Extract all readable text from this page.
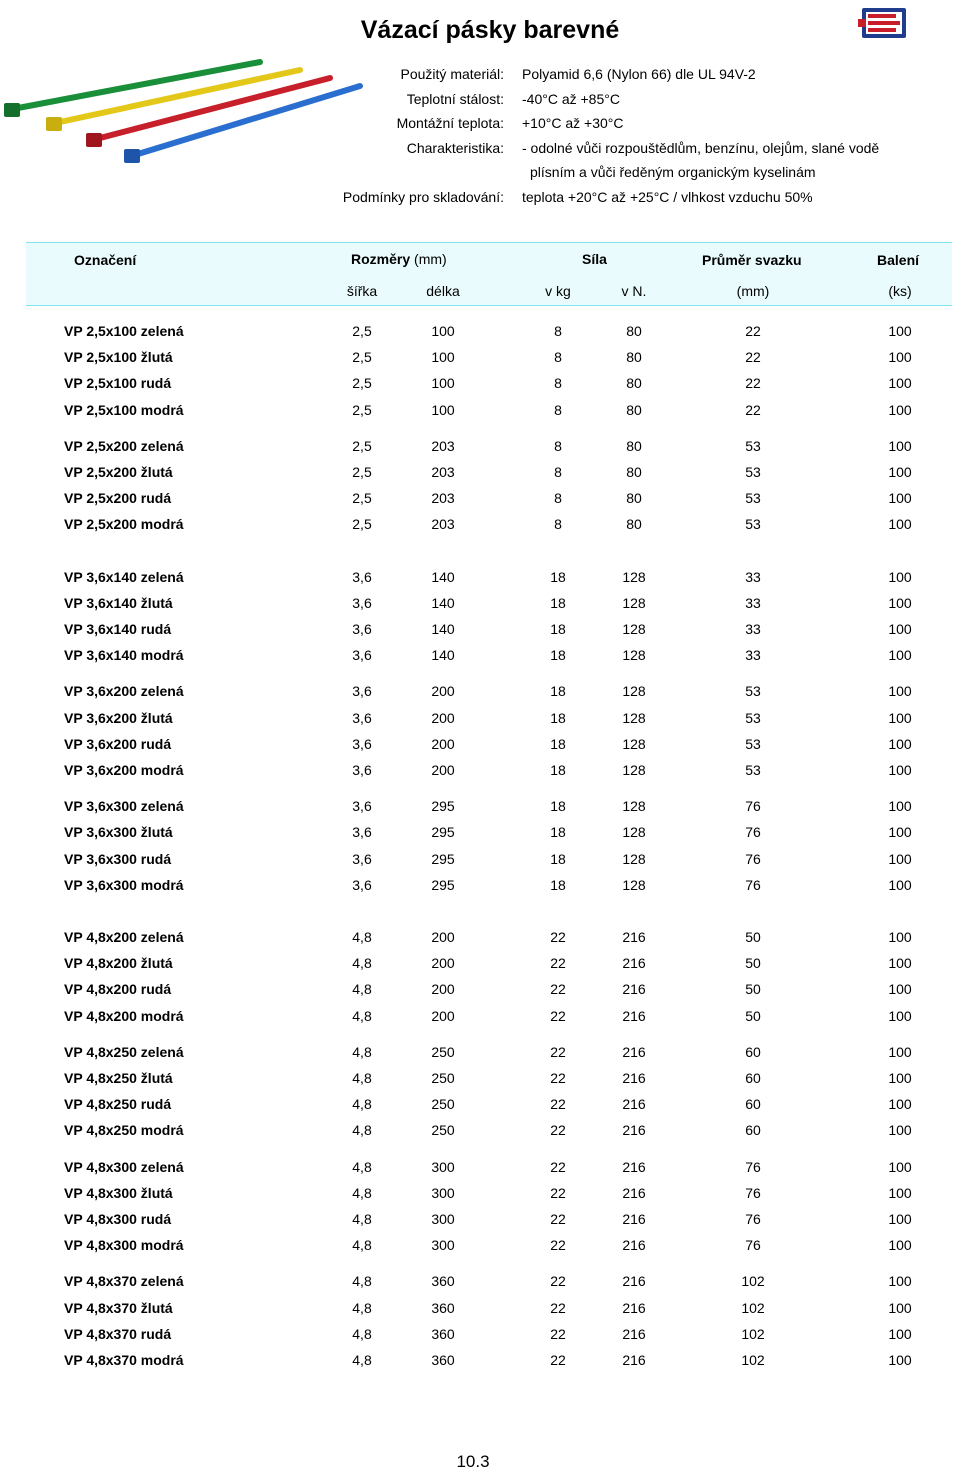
Vázací pásky barevné
Použitý materiál: Polyamid 6,6 (Nylon 66) dle UL 94V-2
Teplotní stálost: -40°C až +85°C
Montážní teplota: +10°C až +30°C
Charakteristika: - odolné vůči rozpouštědlům, benzínu, olejům, slané vodě
plísním a vůči ředěným organickým kyselinám
Podmínky pro skladování: teplota +20°C až +25°C / vlhkost vzduchu 50%
Označení	Rozměry (mm)	Síla	Průměr svazku	Balení
šířka	délka	v kg	v N.	(mm)	(ks)
VP 2,5x100 zelená	2,5	100	8	80	22	100
VP 2,5x100 žlutá	2,5	100	8	80	22	100
VP 2,5x100 rudá	2,5	100	8	80	22	100
VP 2,5x100 modrá	2,5	100	8	80	22	100
VP 2,5x200 zelená	2,5	203	8	80	53	100
VP 2,5x200 žlutá	2,5	203	8	80	53	100
VP 2,5x200 rudá	2,5	203	8	80	53	100
VP 2,5x200 modrá	2,5	203	8	80	53	100
VP 3,6x140 zelená	3,6	140	18	128	33	100
VP 3,6x140 žlutá	3,6	140	18	128	33	100
VP 3,6x140 rudá	3,6	140	18	128	33	100
VP 3,6x140 modrá	3,6	140	18	128	33	100
VP 3,6x200 zelená	3,6	200	18	128	53	100
VP 3,6x200 žlutá	3,6	200	18	128	53	100
VP 3,6x200 rudá	3,6	200	18	128	53	100
VP 3,6x200 modrá	3,6	200	18	128	53	100
VP 3,6x300 zelená	3,6	295	18	128	76	100
VP 3,6x300 žlutá	3,6	295	18	128	76	100
VP 3,6x300 rudá	3,6	295	18	128	76	100
VP 3,6x300 modrá	3,6	295	18	128	76	100
VP 4,8x200 zelená	4,8	200	22	216	50	100
VP 4,8x200 žlutá	4,8	200	22	216	50	100
VP 4,8x200 rudá	4,8	200	22	216	50	100
VP 4,8x200 modrá	4,8	200	22	216	50	100
VP 4,8x250 zelená	4,8	250	22	216	60	100
VP 4,8x250 žlutá	4,8	250	22	216	60	100
VP 4,8x250 rudá	4,8	250	22	216	60	100
VP 4,8x250 modrá	4,8	250	22	216	60	100
VP 4,8x300 zelená	4,8	300	22	216	76	100
VP 4,8x300 žlutá	4,8	300	22	216	76	100
VP 4,8x300 rudá	4,8	300	22	216	76	100
VP 4,8x300 modrá	4,8	300	22	216	76	100
VP 4,8x370 zelená	4,8	360	22	216	102	100
VP 4,8x370 žlutá	4,8	360	22	216	102	100
VP 4,8x370 rudá	4,8	360	22	216	102	100
VP 4,8x370 modrá	4,8	360	22	216	102	100
10.3
